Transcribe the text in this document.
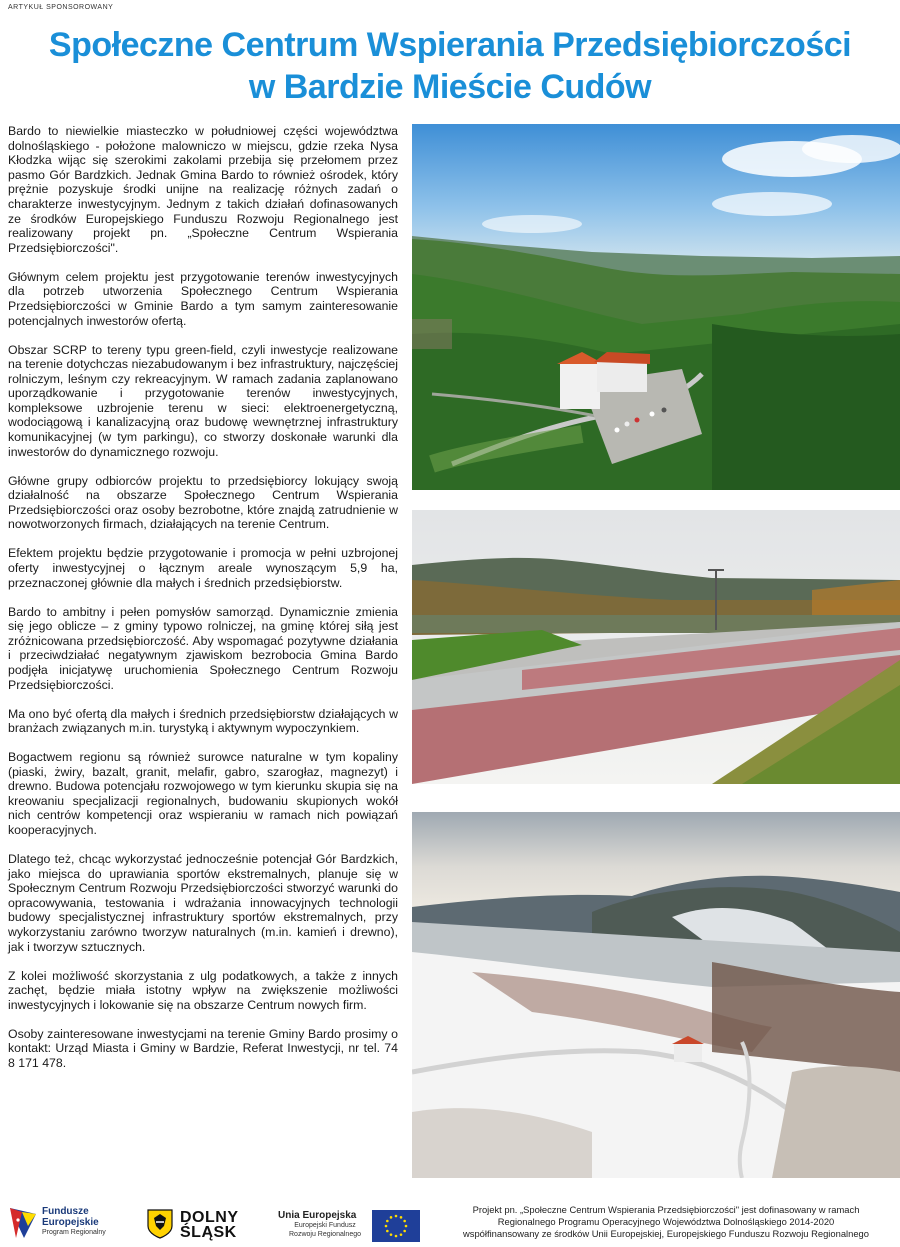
ARTYKUŁ SPONSOROWANY
Społeczne Centrum Wspierania Przedsiębiorczości
w Bardzie Mieście Cudów

Bardo to niewielkie miasteczko w południowej części województwa dolnośląskiego - położone malowniczo w miejscu, gdzie rzeka Nysa Kłodzka wijąc się szerokimi zakolami przebija się przełomem przez pasmo Gór Bardzkich. Jednak Gmina Bardo to również ośrodek, który prężnie pozyskuje środki unijne na realizację różnych zadań o charakterze inwestycyjnym. Jednym z takich działań dofinasowanych ze środków Europejskiego Funduszu Rozwoju Regionalnego jest realizowany projekt pn. „Społeczne Centrum Wspierania Przedsiębiorczości".

Głównym celem projektu jest przygotowanie terenów inwestycyjnych dla potrzeb utworzenia Społecznego Centrum Wspierania Przedsiębiorczości w Gminie Bardo a tym samym zainteresowanie potencjalnych inwestorów ofertą.

Obszar SCRP to tereny typu green-field, czyli inwestycje realizowane na terenie dotychczas niezabudowanym i bez infrastruktury, najczęściej rolniczym, leśnym czy rekreacyjnym. W ramach zadania zaplanowano uporządkowanie i przygotowanie terenów inwestycyjnych, kompleksowe uzbrojenie terenu w sieci: elektroenergetyczną, wodociągową i kanalizacyjną oraz budowę wewnętrznej infrastruktury komunikacyjnej (w tym parkingu), co stworzy doskonałe warunki dla inwestorów do dynamicznego rozwoju.

Główne grupy odbiorców projektu to przedsiębiorcy lokujący swoją działalność na obszarze Społecznego Centrum Wspierania Przedsiębiorczości oraz osoby bezrobotne, które znajdą zatrudnienie w nowotworzonych firmach, działających na terenie Centrum.

Efektem projektu będzie przygotowanie i promocja w pełni uzbrojonej oferty inwestycyjnej o łącznym areale wynoszącym 5,9 ha, przeznaczonej głównie dla małych i średnich przedsiębiorstw.

Bardo to ambitny i pełen pomysłów samorząd. Dynamicznie zmienia się jego oblicze – z gminy typowo rolniczej, na gminę której siłą jest zróżnicowana przedsiębiorczość. Aby wspomagać pozytywne działania i przeciwdziałać negatywnym zjawiskom bezrobocia Gmina Bardo podjęła inicjatywę uruchomienia Społecznego Centrum Rozwoju Przedsiębiorczości.

Ma ono być ofertą dla małych i średnich przedsiębiorstw działających w branżach związanych m.in. turystyką i aktywnym wypoczynkiem.

Bogactwem regionu są również surowce naturalne w tym kopaliny (piaski, żwiry, bazalt, granit, melafir, gabro, szarogłaz, magnezyt) i drewno. Budowa potencjału rozwojowego w tym kierunku skupia się na kreowaniu specjalizacji regionalnych, budowaniu skupionych wokół nich centrów kompetencji oraz wspieraniu w ramach nich powiązań kooperacyjnych.

Dlatego też, chcąc wykorzystać jednocześnie potencjał Gór Bardzkich, jako miejsca do uprawiania sportów ekstremalnych, planuje się w Społecznym Centrum Rozwoju Przedsiębiorczości stworzyć warunki do opracowywania, testowania i wdrażania innowacyjnych technologii budowy specjalistycznej infrastruktury sportów ekstremalnych, przy wykorzystaniu zarówno tworzyw naturalnych (m.in. kamień i drewno), jak i tworzyw sztucznych.

Z kolei możliwość skorzystania z ulg podatkowych, a także z innych zachęt, będzie miała istotny wpływ na zwiększenie możliwości inwestycyjnych i lokowanie się na obszarze Centrum nowych firm.

Osoby zainteresowane inwestycjami na terenie Gminy Bardo prosimy o kontakt: Urząd Miasta i Gminy w Bardzie, Referat Inwestycji, nr tel. 74 8 171 478.

Fundusze
Europejskie
Program Regionalny
DOLNY
ŚLĄSK
Unia Europejska
Europejski Fundusz
Rozwoju Regionalnego
Projekt pn. „Społeczne Centrum Wspierania Przedsiębiorczości" jest dofinasowany w ramach
Regionalnego Programu Operacyjnego Województwa Dolnośląskiego 2014-2020
współfinansowany ze środków Unii Europejskiej, Europejskiego Funduszu Rozwoju Regionalnego
